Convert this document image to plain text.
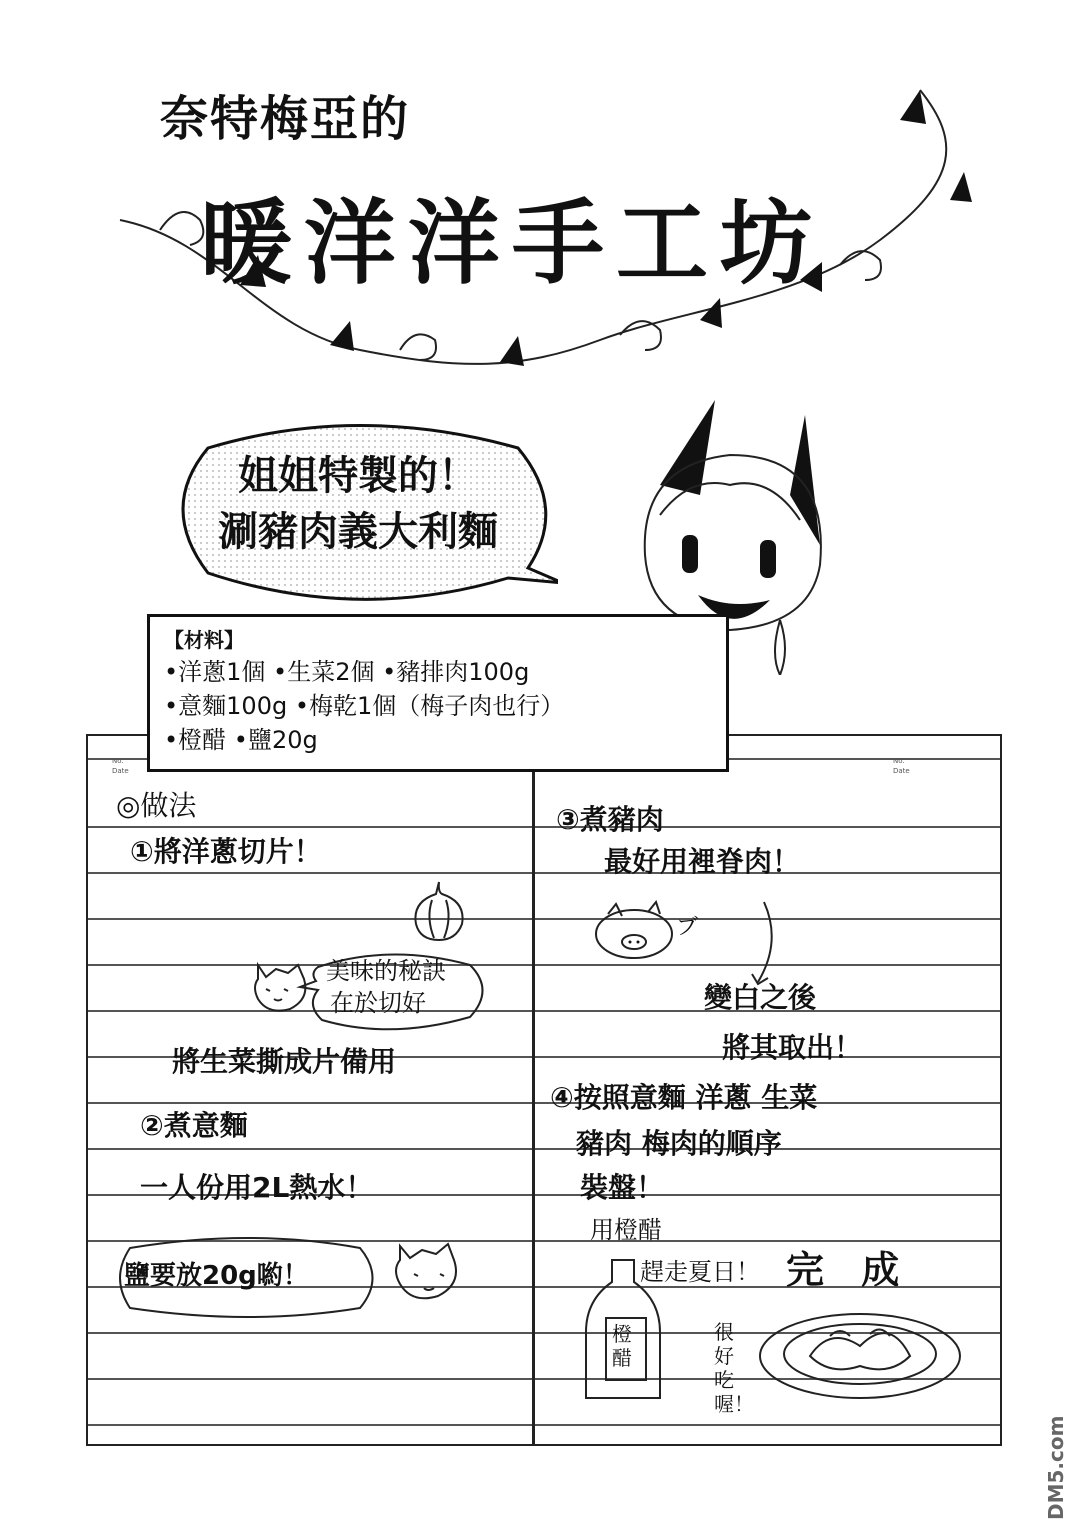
奈特梅亞的
暖洋洋手工坊
姐姐特製的！
涮豬肉義大利麵
No.
Date
No.
Date
【材料】
•洋蔥1個 •生菜2個 •豬排肉100g
•意麵100g •梅乾1個（梅子肉也行）
•橙醋 •鹽20g
◎做法
①將洋蔥切片！
美味的秘訣
在於切好
將生菜撕成片備用
②煮意麵
一人份用2L熱水！
鹽要放20g喲！
③煮豬肉
最好用裡脊肉！
ブ
變白之後
將其取出！
④按照意麵 洋蔥 生菜
豬肉 梅肉的順序
裝盤！
用橙醋
趕走夏日！ 完 成
橙醋
很好吃喔！
DM5.com
